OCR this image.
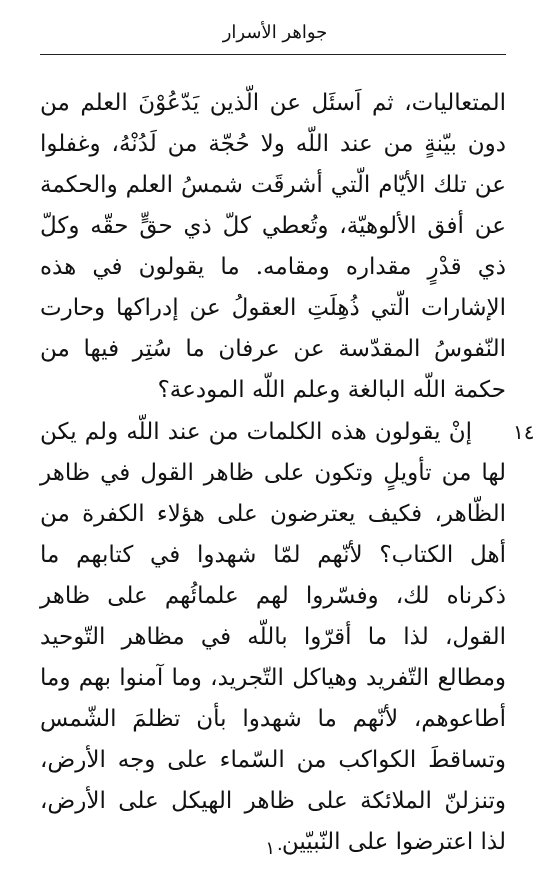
جواهر الأسرار
المتعاليات، ثم اَسئَل عن الّذين يَدّعُوْنَ العلم من دون بيّنةٍ من عند اللّه ولا حُجّة من لَدُنْهُ، وغفلوا عن تلك الأيّام الّتي أشرقَت شمسُ العلم والحكمة عن أفق الألوهيّة، وتُعطي كلّ ذي حقٍّ حقّه وكلّ ذي قدْرٍ مقداره ومقامه. ما يقولون في هذه الإشارات الّتي ذُهِلَتِ العقولُ عن إدراكها وحارت النّفوسُ المقدّسة عن عرفان ما سُتِر فيها من حكمة اللّه البالغة وعلم اللّه المودعة؟
١٤
إنْ يقولون هذه الكلمات من عند اللّه ولم يكن لها من تأويلٍ وتكون على ظاهر القول في ظاهر الظّاهر، فكيف يعترضون على هؤلاء الكفرة من أهل الكتاب؟ لأنّهم لمّا شهدوا في كتابهم ما ذكرناه لك، وفسّروا لهم علمائُهم على ظاهر القول، لذا ما أقرّوا باللّه في مظاهر التّوحيد ومطالع التّفريد وهياكل التّجريد، وما آمنوا بهم وما أطاعوهم، لأنّهم ما شهدوا بأن تظلمَ الشّمس وتساقطَ الكواكب من السّماء على وجه الأرض، وتنزلنّ الملائكة على ظاهر الهيكل على الأرض، لذا اعترضوا على النّبيّين
١٠
